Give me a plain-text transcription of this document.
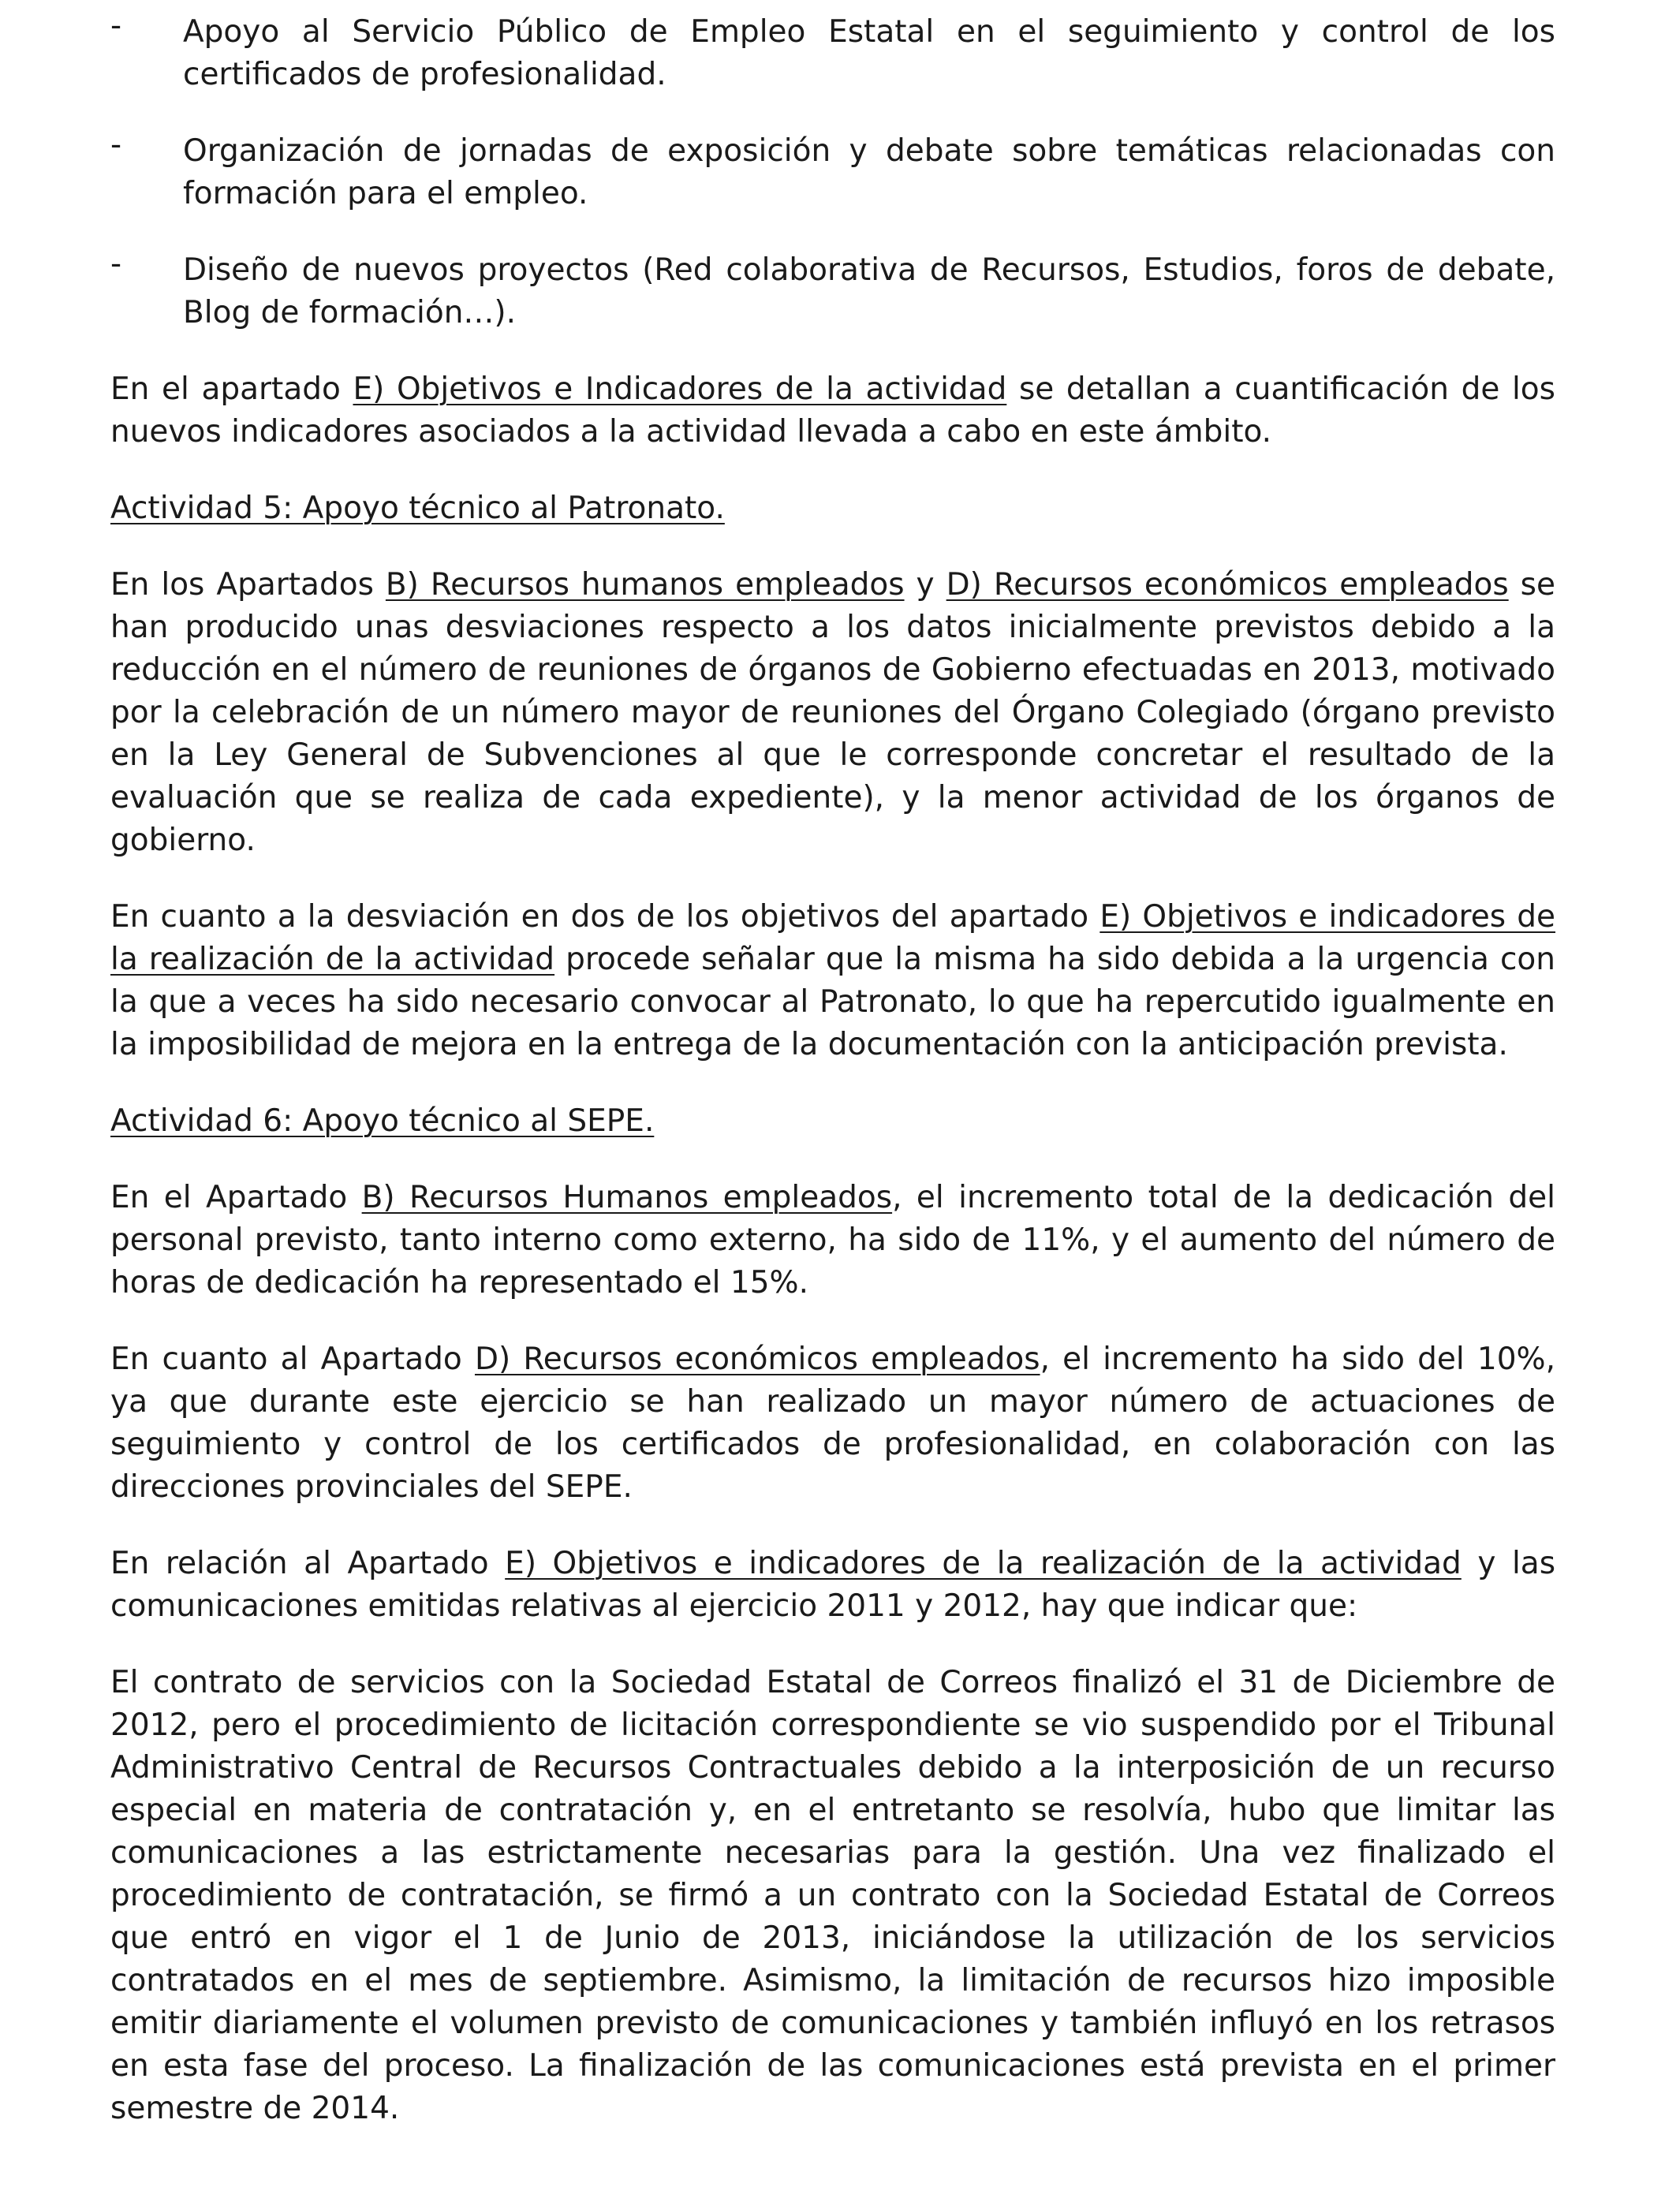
- Apoyo al Servicio Público de Empleo Estatal en el seguimiento y control de los certificados de profesionalidad.
- Organización de jornadas de exposición y debate sobre temáticas relacionadas con formación para el empleo.
- Diseño de nuevos proyectos (Red colaborativa de Recursos, Estudios, foros de debate, Blog de formación…).

En el apartado E) Objetivos e Indicadores de la actividad se detallan a cuantificación de los nuevos indicadores asociados a la actividad llevada a cabo en este ámbito.

Actividad 5: Apoyo técnico al Patronato.

En los Apartados B) Recursos humanos empleados y D) Recursos económicos empleados se han producido unas desviaciones respecto a los datos inicialmente previstos debido a la reducción en el número de reuniones de órganos de Gobierno efectuadas en 2013, motivado por la celebración de un número mayor de reuniones del Órgano Colegiado (órgano previsto en la Ley General de Subvenciones al que le corresponde concretar el resultado de la evaluación que se realiza de cada expediente), y la menor actividad de los órganos de gobierno.

En cuanto a la desviación en dos de los objetivos del apartado E) Objetivos e indicadores de la realización de la actividad procede señalar que la misma ha sido debida a la urgencia con la que a veces ha sido necesario convocar al Patronato, lo que ha repercutido igualmente en la imposibilidad de mejora en la entrega de la documentación con la anticipación prevista.

Actividad 6: Apoyo técnico al SEPE.

En el Apartado B) Recursos Humanos empleados, el incremento total de la dedicación del personal previsto, tanto interno como externo, ha sido de 11%, y el aumento del número de horas de dedicación ha representado el 15%.

En cuanto al Apartado D) Recursos económicos empleados, el incremento ha sido del 10%, ya que durante este ejercicio se han realizado un mayor número de actuaciones de seguimiento y control de los certificados de profesionalidad, en colaboración con las direcciones provinciales del SEPE.

En relación al Apartado E) Objetivos e indicadores de la realización de la actividad y las comunicaciones emitidas relativas al ejercicio 2011 y 2012, hay que indicar que:

El contrato de servicios con la Sociedad Estatal de Correos finalizó el 31 de Diciembre de 2012, pero el procedimiento de licitación correspondiente se vio suspendido por el Tribunal Administrativo Central de Recursos Contractuales debido a la interposición de un recurso especial en materia de contratación y, en el entretanto se resolvía, hubo que limitar las comunicaciones a las estrictamente necesarias para la gestión. Una vez finalizado el procedimiento de contratación, se firmó a un contrato con la Sociedad Estatal de Correos que entró en vigor el 1 de Junio de 2013, iniciándose la utilización de los servicios contratados en el mes de septiembre. Asimismo, la limitación de recursos hizo imposible emitir diariamente el volumen previsto de comunicaciones y también influyó en los retrasos en esta fase del proceso. La finalización de las comunicaciones está prevista en el primer semestre de 2014.
